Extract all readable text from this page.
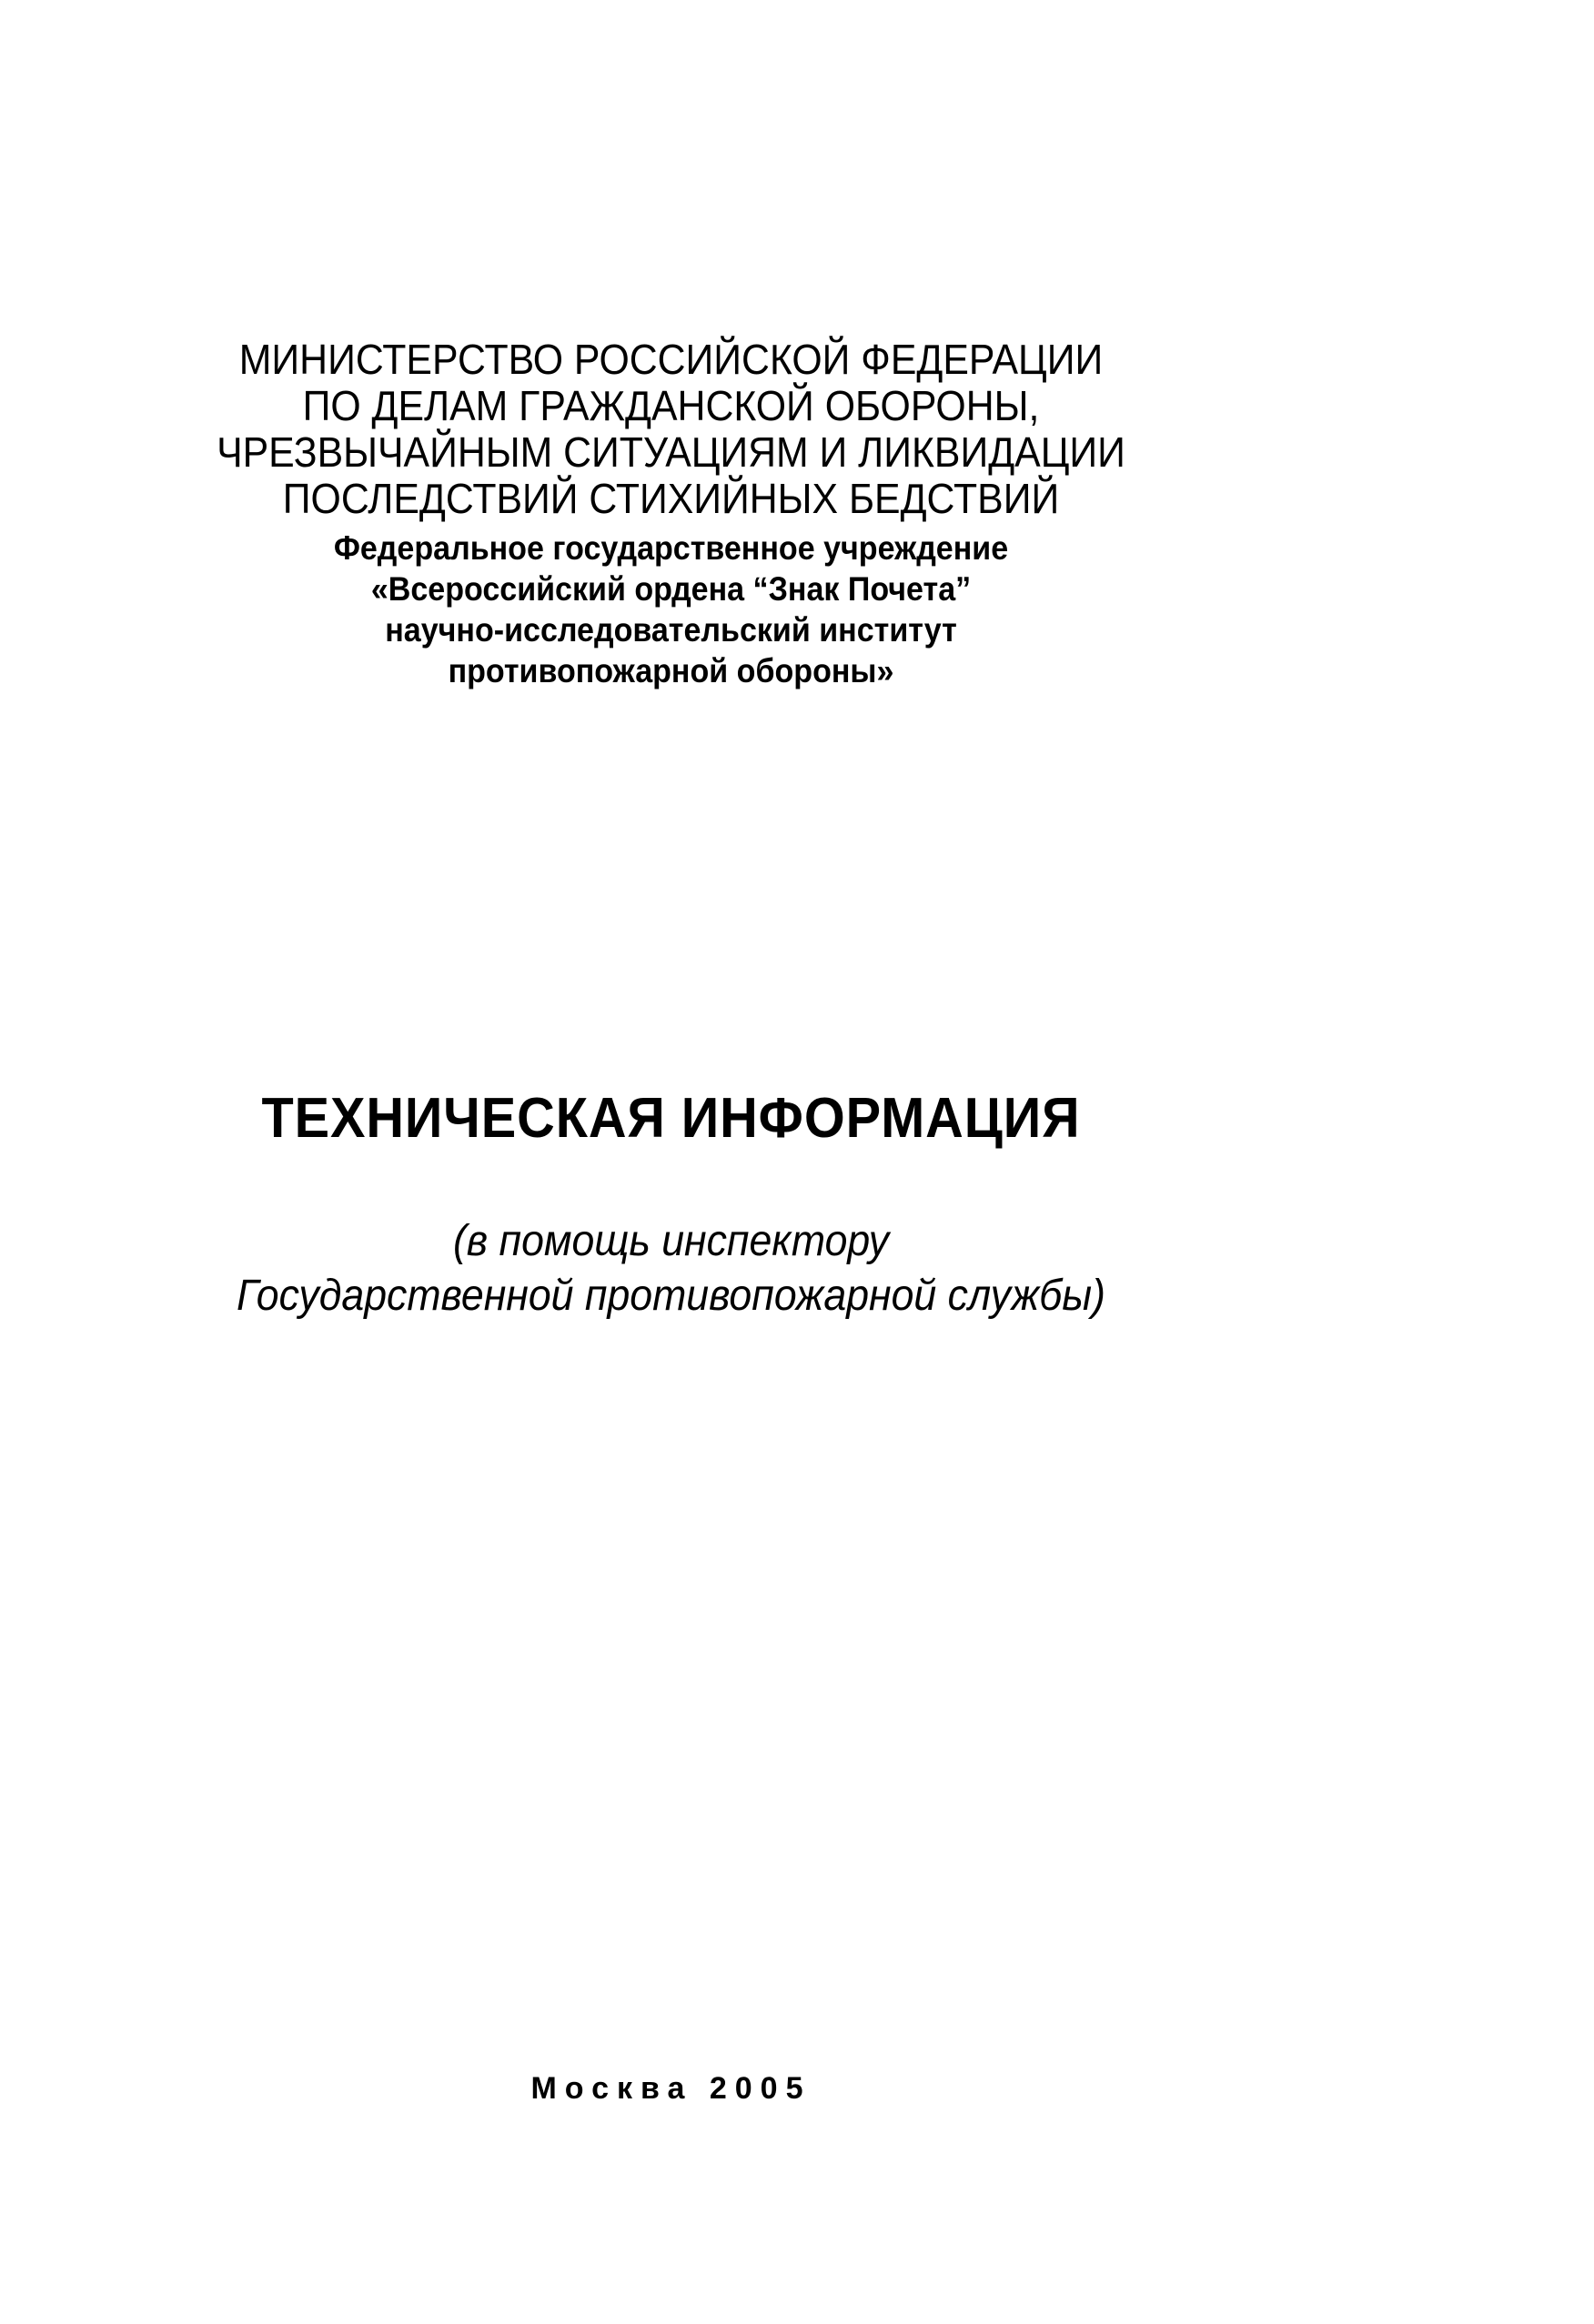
МИНИСТЕРСТВО РОССИЙСКОЙ ФЕДЕРАЦИИ
ПО ДЕЛАМ ГРАЖДАНСКОЙ ОБОРОНЫ,
ЧРЕЗВЫЧАЙНЫМ СИТУАЦИЯМ И ЛИКВИДАЦИИ
ПОСЛЕДСТВИЙ СТИХИЙНЫХ БЕДСТВИЙ
Федеральное государственное учреждение
«Всероссийский ордена “Знак Почета”
научно-исследовательский институт
противопожарной обороны»
ТЕХНИЧЕСКАЯ ИНФОРМАЦИЯ
(в помощь инспектору
Государственной противопожарной службы)
Москва 2005
